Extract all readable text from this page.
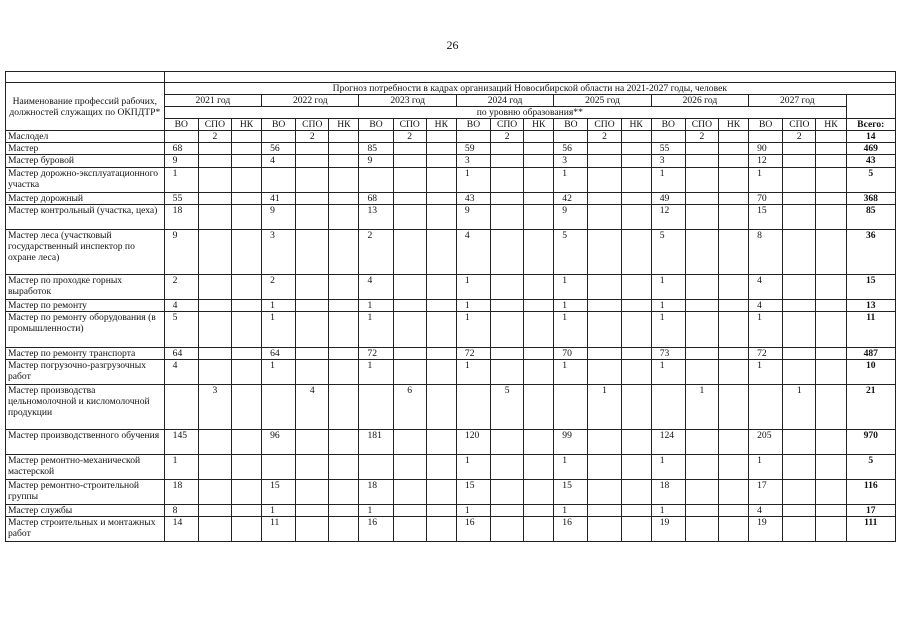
26

Наименование профессий рабочих, должностей служащих по ОКПДТР*	Прогноз потребности в кадрах организаций Новосибирской области на 2021-2027 годы, человек																					
	2021 год			2022 год			2023 год			2024 год			2025 год			2026 год			2027 год			
	по уровню образования**																					
	ВО	СПО	НК	ВО	СПО	НК	ВО	СПО	НК	ВО	СПО	НК	ВО	СПО	НК	ВО	СПО	НК	ВО	СПО	НК	Всего:
Маслодел		2			2			2			2			2			2			2		14
Мастер	68			56			85			59			56			55			90			469
Мастер буровой	9			4			9			3			3			3			12			43
Мастер дорожно-эксплуатационного участка	1									1			1			1			1			5
Мастер дорожный	55			41			68			43			42			49			70			368
Мастер контрольный (участка, цеха)	18			9			13			9			9			12			15			85
Мастер леса (участковый государственный инспектор по охране леса)	9			3			2			4			5			5			8			36
Мастер по проходке горных выработок	2			2			4			1			1			1			4			15
Мастер по ремонту	4			1			1			1			1			1			4			13
Мастер по ремонту оборудования (в промышленности)	5			1			1			1			1			1			1			11
Мастер по ремонту транспорта	64			64			72			72			70			73			72			487
Мастер погрузочно-разгрузочных работ	4			1			1			1			1			1			1			10
Мастер производства цельномолочной и кисломолочной продукции		3			4			6			5			1			1			1		21
Мастер производственного обучения	145			96			181			120			99			124			205			970
Мастер ремонтно-механической мастерской	1									1			1			1			1			5
Мастер ремонтно-строительной группы	18			15			18			15			15			18			17			116
Мастер службы	8			1			1			1			1			1			4			17
Мастер строительных и монтажных работ	14			11			16			16			16			19			19			111
